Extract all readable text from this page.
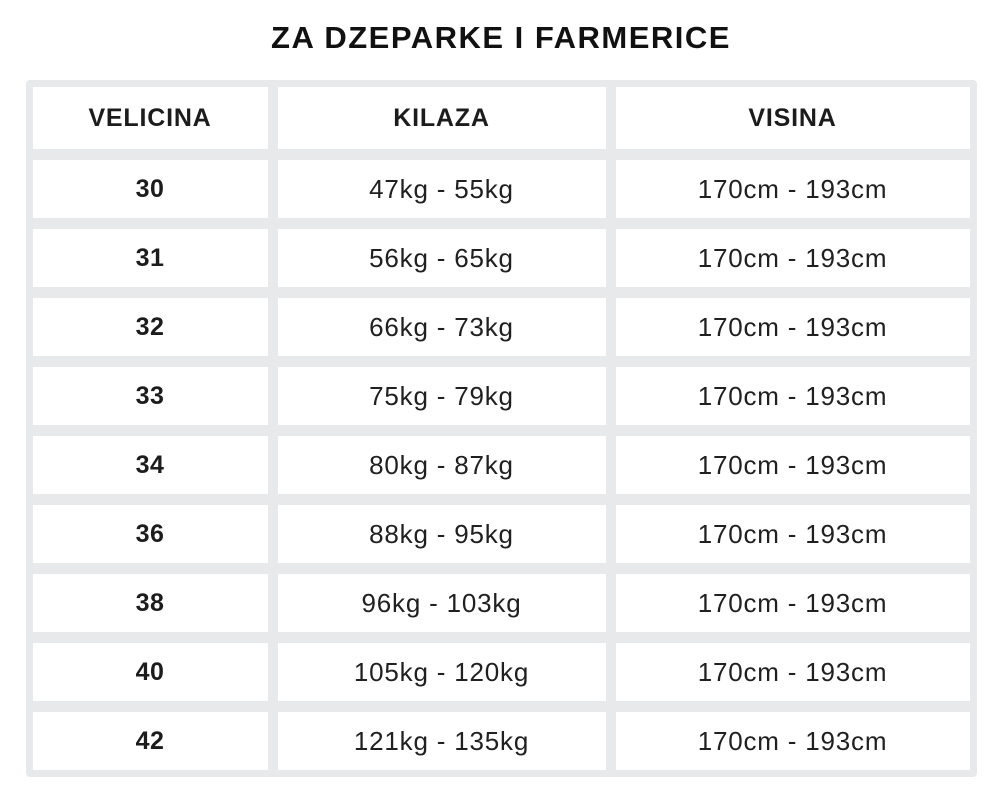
ZA DZEPARKE I FARMERICE
VELICINA	KILAZA	VISINA
30	47kg - 55kg	170cm - 193cm
31	56kg - 65kg	170cm - 193cm
32	66kg - 73kg	170cm - 193cm
33	75kg - 79kg	170cm - 193cm
34	80kg - 87kg	170cm - 193cm
36	88kg - 95kg	170cm - 193cm
38	96kg - 103kg	170cm - 193cm
40	105kg - 120kg	170cm - 193cm
42	121kg - 135kg	170cm - 193cm
